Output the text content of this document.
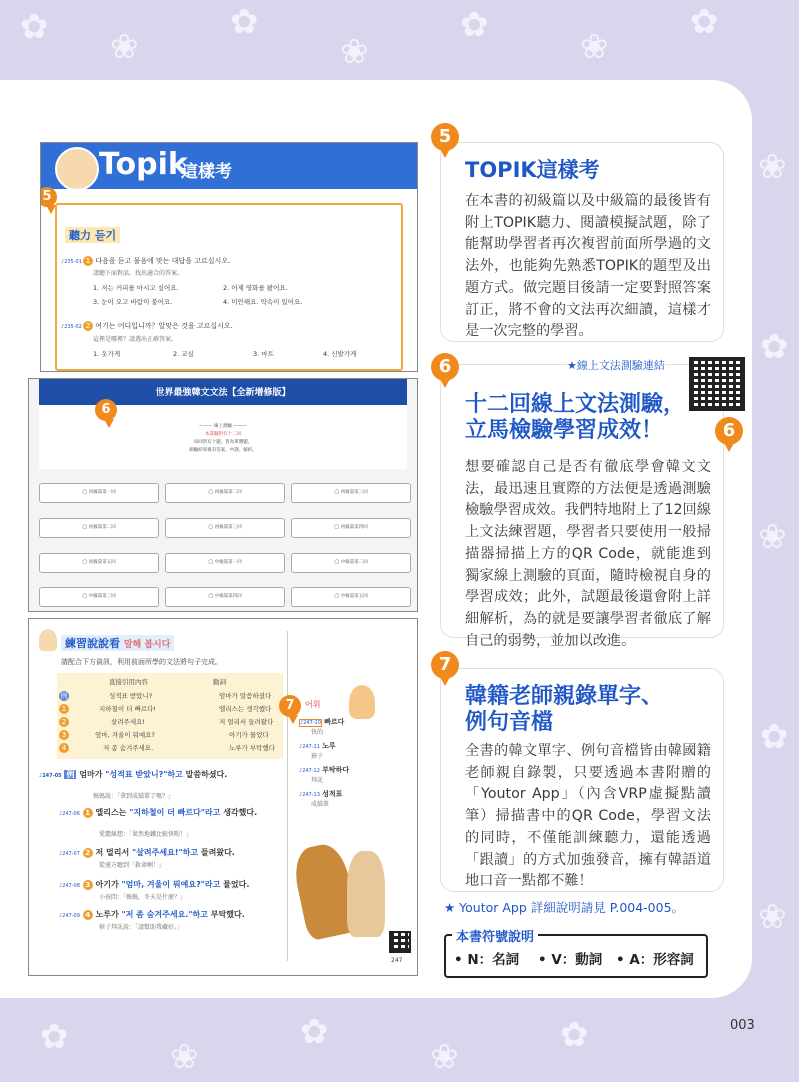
✿ ❀
✿
❀
✿
❀
✿
❀
✿
❀
✿
❀
✿	❀
✿
❀
✿
Topik
這樣考
5
聽力 듣기
♪235-01 1 다음을 듣고 물음에 맞는 대답을 고르십시오.
請聽下面對話，找出適合的答案。
1. 저는 커피를 마시고 싶어요.	2. 어제 영화를 봤어요.
3. 눈이 오고 바람이 불어요.	4. 미안해요. 약속이 있어요.
♪235-02 2 여기는 어디입니까？알맞은 것을 고르십시오.
這裡是哪裡？請選出正確答案。
1. 옷가게	2. 교실	3. 마트	4. 신발가게
世界最強韓文文法【全新增修版】
6
——— 線上測驗 ———
本書隨附有十二回
每回皆有十題，皆為單選題。
測驗結束後有答案、中譯、解析。
◯ 初級篇第一回	◯ 初級篇第二回	◯ 初級篇第三回
◯ 初級篇第二回	◯ 初級篇第三回	◯ 初級篇第四回
◯ 初級篇第五回	◯ 中級篇第一回	◯ 中級篇第二回
◯ 中級篇第三回	◯ 中級篇第四回	◯ 中級篇第五回
練習說說看 말해 봅시다
請配合下方資訊，利用前面所學的文法將句子完成。
直接引用內容	動詞
例	성적표 받았니?	엄마가 말씀하셨다
1	지하철이 더 빠르다!	엘리스는 생각했다
2	살려주세요!	저 멀리서 들려왔다
3	엄마, 겨울이 뭐예요?	아기가 물었다
4	저 좀 숨겨주세요.	노루가 부탁했다
7	어휘
♪247-10 빠르다
快的
♪247-11 노루
獐子
♪247-12 부탁하다
拜託
♪247-13 성적표
成績單
♪247-05 例 엄마가 "성적표 받았니?"하고 말씀하셨다.
媽媽說：「拿到成績單了嗎？」
♪247-06 1 엘리스는 "지하철이 더 빠르다"라고 생각했다.
愛麗絲想：「果然地鐵比較快喔！」
♪247-07 2 저 멀리서 "살려주세요!"하고 들려왔다.
從遠方聽到「救命啊！」
♪247-08 3 아기가 "엄마, 겨울이 뭐예요?"라고 물었다.
小孩問：「媽媽，冬天是什麼？」
♪247-09 4 노루가 "저 좀 숨겨주세요."하고 부탁했다.
獐子拜託說：「請幫助我藏好。」
247
5
TOPIK這樣考

在本書的初級篇以及中級篇的最後皆有附上TOPIK聽力、閱讀模擬試題，除了能幫助學習者再次複習前面所學過的文法外，也能夠先熟悉TOPIK的題型及出題方式。做完題目後請一定要對照答案訂正，將不會的文法再次細讀，這樣才是一次完整的學習。

6	★線上文法測驗連結
6
十二回線上文法測驗，
立馬檢驗學習成效！

想要確認自己是否有徹底學會韓文文法，最迅速且實際的方法便是透過測驗檢驗學習成效。我們特地附上了12回線上文法練習題，學習者只要使用一般掃描器掃描上方的QR Code，就能進到獨家線上測驗的頁面，隨時檢視自身的學習成效；此外，試題最後還會附上詳細解析，為的就是要讓學習者徹底了解自己的弱勢，並加以改進。

7
韓籍老師親錄單字、
例句音檔

全書的韓文單字、例句音檔皆由韓國籍老師親自錄製，只要透過本書附贈的「Youtor App」（內含VRP虛擬點讀筆）掃描書中的QR Code，學習文法的同時，不僅能訓練聽力，還能透過「跟讀」的方式加強發音，擁有韓語道地口音一點都不難！

★ Youtor App 詳細說明請見 P.004-005。
本書符號說明
• N：名詞 • V：動詞 • A：形容詞
003
